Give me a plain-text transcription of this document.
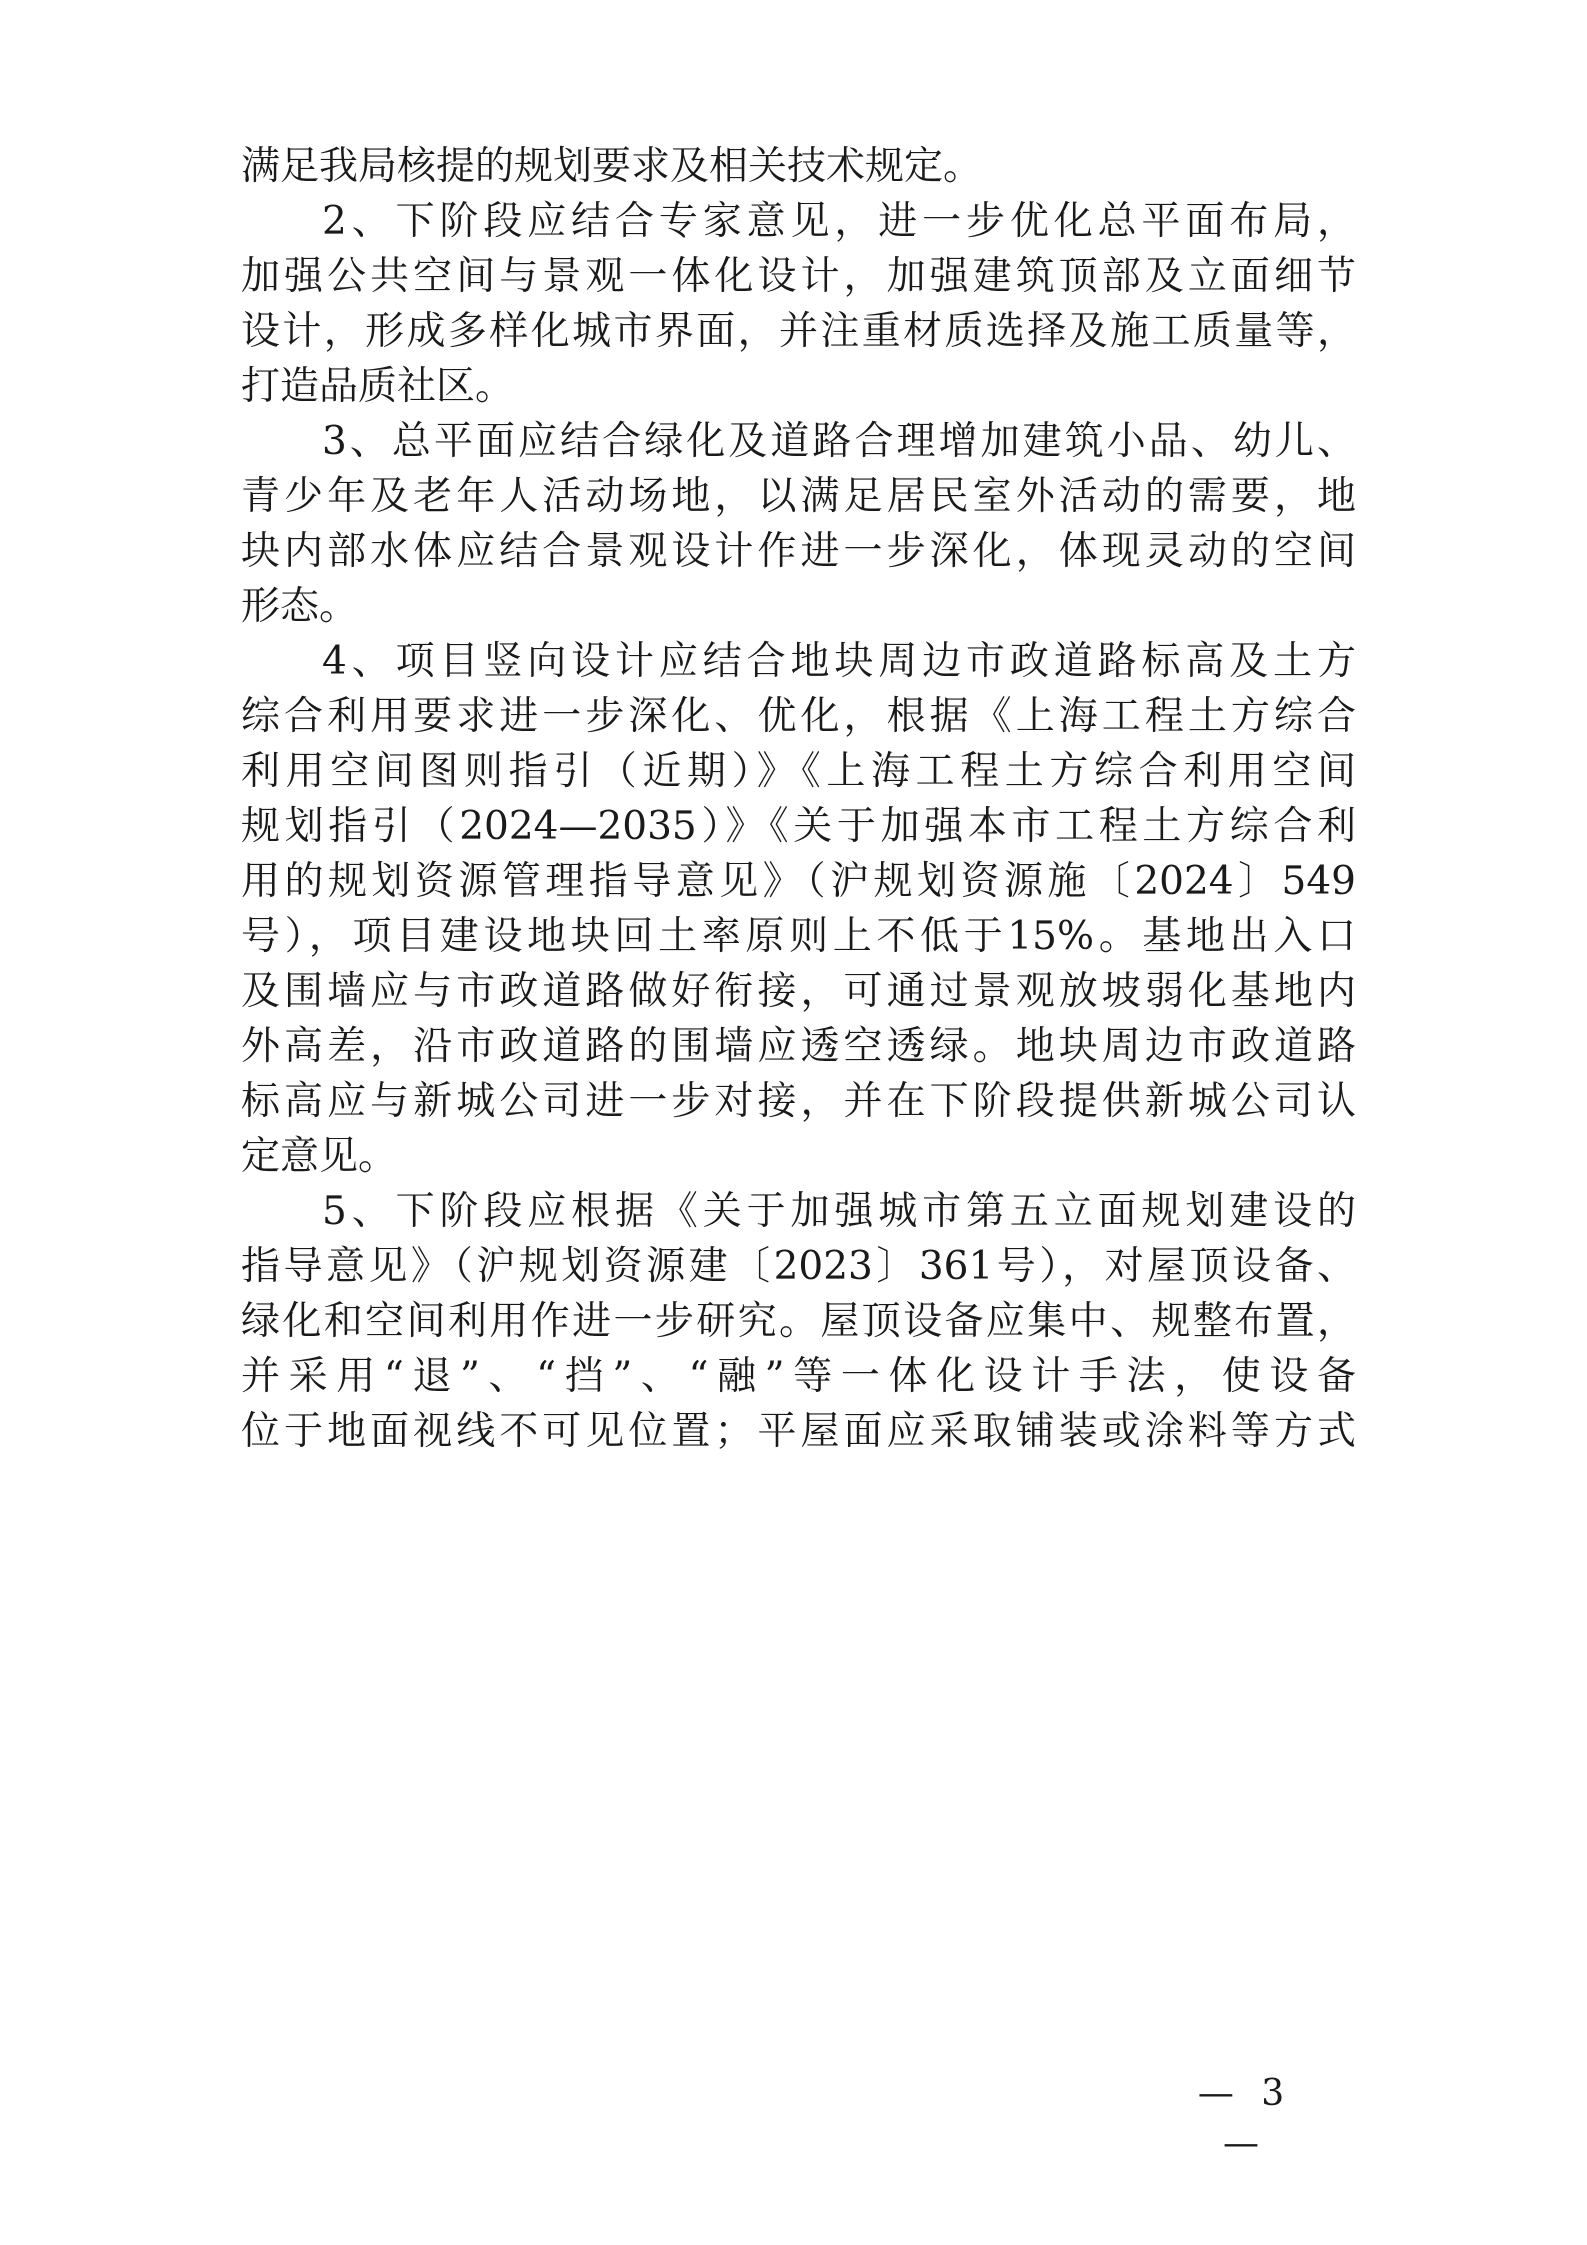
满足我局核提的规划要求及相关技术规定。
2、下阶段应结合专家意见，进一步优化总平面布局，
加强公共空间与景观一体化设计，加强建筑顶部及立面细节
设计，形成多样化城市界面，并注重材质选择及施工质量等，
打造品质社区。
3、总平面应结合绿化及道路合理增加建筑小品、幼儿、
青少年及老年人活动场地，以满足居民室外活动的需要，地
块内部水体应结合景观设计作进一步深化，体现灵动的空间
形态。
4、项目竖向设计应结合地块周边市政道路标高及土方
综合利用要求进一步深化、优化，根据《上海工程土方综合
利用空间图则指引（近期）》《上海工程土方综合利用空间
规划指引（2024—2035）》《关于加强本市工程土方综合利
用的规划资源管理指导意见》（沪规划资源施〔2024〕549
号），项目建设地块回土率原则上不低于15%。基地出入口
及围墙应与市政道路做好衔接，可通过景观放坡弱化基地内
外高差，沿市政道路的围墙应透空透绿。地块周边市政道路
标高应与新城公司进一步对接，并在下阶段提供新城公司认
定意见。
5、下阶段应根据《关于加强城市第五立面规划建设的
指导意见》（沪规划资源建〔2023〕361号），对屋顶设备、
绿化和空间利用作进一步研究。屋顶设备应集中、规整布置，
并采用“退”、“挡”、“融”等一体化设计手法，使设备
位于地面视线不可见位置；平屋面应采取铺装或涂料等方式
— 3 —
